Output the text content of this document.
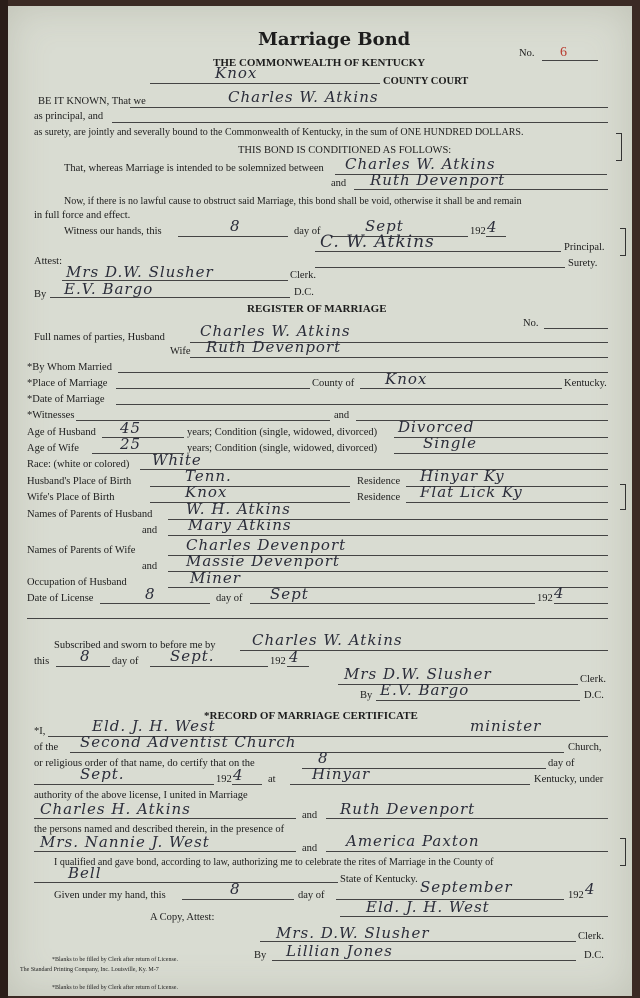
Marriage Bond
No. 6
THE COMMONWEALTH OF KENTUCKY
Knox	COUNTY COURT
BE IT KNOWN, That we	Charles W. Atkins
as principal, and
as surety, are jointly and severally bound to the Commonwealth of Kentucky, in the sum of ONE HUNDRED DOLLARS.
THIS BOND IS CONDITIONED AS FOLLOWS:
That, whereas Marriage is intended to be solemnized between Charles W. Atkins
and Ruth Devenport
Now, if there is no lawful cause to obstruct said Marriage, this bond shall be void, otherwise it shall be and remain
in full force and effect.
Witness our hands, this	8	day of	Sept	192 4
C. W. Atkins	Principal.
Surety.
Attest:
Mrs D.W. Slusher	Clerk.
By E.V. Bargo	D.C.
REGISTER OF MARRIAGE
No.
Full names of parties, Husband Charles W. Atkins
Wife Ruth Devenport
*By Whom Married
*Place of Marriage	County of Knox	Kentucky.
*Date of Marriage
*Witnesses	and
Age of Husband 45	years; Condition (single, widowed, divorced) Divorced
Age of Wife	25	years; Condition (single, widowed, divorced)	Single
Race: (white or colored) White
Husband's Place of Birth	Tenn.	Residence Hinyar Ky
Wife's Place of Birth	Knox	Residence Flat Lick Ky
Names of Parents of Husband W. H. Atkins
and Mary Atkins
Names of Parents of Wife	Charles Devenport
and Massie Devenport
Occupation of Husband	Miner
Date of License	8	day of Sept	192 4
Subscribed and sworn to before me by Charles W. Atkins
this 8 day of Sept.	192 4
Mrs D.W. Slusher	Clerk.
By E.V. Bargo	D.C.
*RECORD OF MARRIAGE CERTIFICATE
*I,	Eld. J. H. West	minister
of the Second Adventist Church	Church,
or religious order of that name, do certify that on the	8	day of
Sept.	192 4 at Hinyar	Kentucky, under
authority of the above license, I united in Marriage
Charles H. Atkins	and Ruth Devenport
the persons named and described therein, in the presence of
Mrs. Nannie J. West	and America Paxton
I qualified and gave bond, according to law, authorizing me to celebrate the rites of Marriage in the County of
Bell	State of Kentucky.
Given under my hand, this	8	day of	September	192 4
Eld. J. H. West
A Copy, Attest:
Mrs. D.W. Slusher	Clerk.
By Lillian Jones	D.C.
*Blanks to be filled by Clerk after return of License.
The Standard Printing Company, Inc. Louisville, Ky. M-7
*Blanks to be filled by Clerk after return of License.
